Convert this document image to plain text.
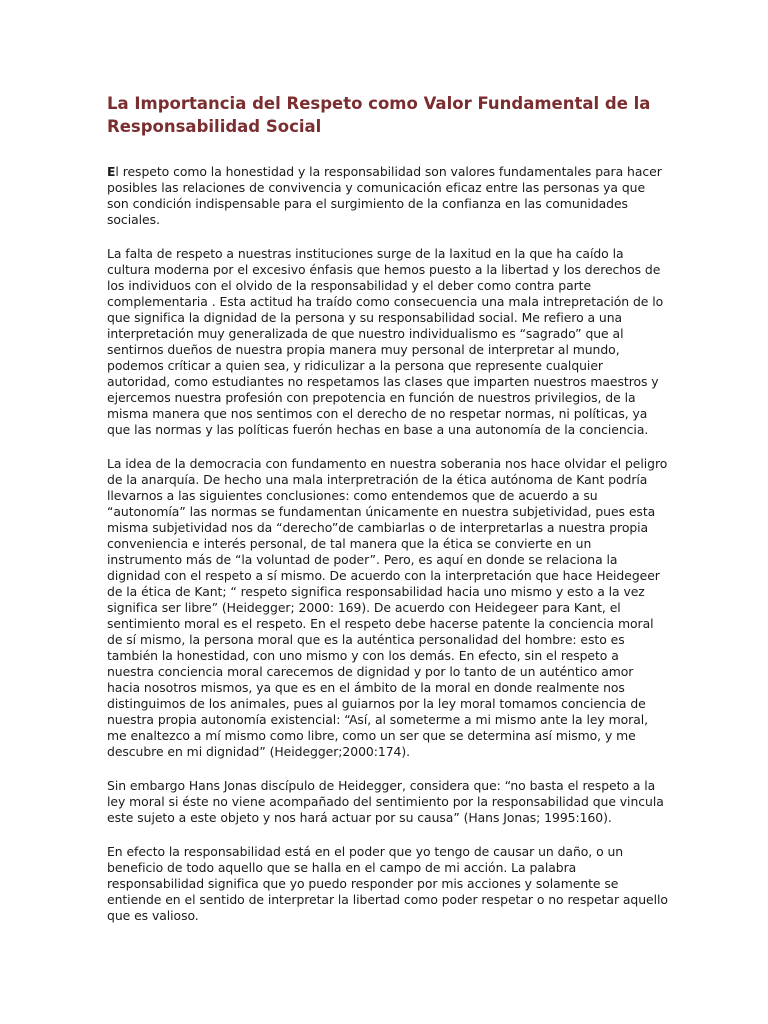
La Importancia del Respeto como Valor Fundamental de la Responsabilidad Social

El respeto como la honestidad y la responsabilidad son valores fundamentales para hacer posibles las relaciones de convivencia y comunicación eficaz entre las personas ya que son condición indispensable para el surgimiento de la confianza en las comunidades sociales.

La falta de respeto a nuestras instituciones surge de la laxitud en la que ha caído la cultura moderna por el excesivo énfasis que hemos puesto a la libertad y los derechos de los individuos con el olvido de la responsabilidad y el deber como contra parte complementaria . Esta actitud ha traído como consecuencia una mala intrepretación de lo que significa la dignidad de la persona y su responsabilidad social. Me refiero a una interpretación muy generalizada de que nuestro individualismo es “sagrado” que al sentirnos dueños de nuestra propia manera muy personal de interpretar al mundo, podemos críticar a quien sea, y ridiculizar a la persona que represente cualquier autoridad, como estudiantes no respetamos las clases que imparten nuestros maestros y ejercemos nuestra profesión con prepotencia en función de nuestros privilegios, de la misma manera que nos sentimos con el derecho de no respetar normas, ni políticas, ya que las normas y las políticas fuerón hechas en base a una autonomía de la conciencia.

La idea de la democracia con fundamento en nuestra soberania nos hace olvidar el peligro de la anarquía. De hecho una mala interpretración de la ética autónoma de Kant podría llevarnos a las siguientes conclusiones: como entendemos que de acuerdo a su “autonomía” las normas se fundamentan únicamente en nuestra subjetividad, pues esta misma subjetividad nos da “derecho”de cambiarlas o de interpretarlas a nuestra propia conveniencia e interés personal, de tal manera que la ética se convierte en un instrumento más de “la voluntad de poder”. Pero, es aquí en donde se relaciona la dignidad con el respeto a sí mismo. De acuerdo con la interpretación que hace Heidegeer de la ética de Kant; “ respeto significa responsabilidad hacia uno mismo y esto a la vez significa ser libre” (Heidegger; 2000: 169). De acuerdo con Heidegeer para Kant, el sentimiento moral es el respeto. En el respeto debe hacerse patente la conciencia moral de sí mismo, la persona moral que es la auténtica personalidad del hombre: esto es también la honestidad, con uno mismo y con los demás. En efecto, sin el respeto a nuestra conciencia moral carecemos de dignidad y por lo tanto de un auténtico amor hacia nosotros mismos, ya que es en el ámbito de la moral en donde realmente nos distinguimos de los animales, pues al guiarnos por la ley moral tomamos conciencia de nuestra propia autonomía existencial: “Así, al someterme a mi mismo ante la ley moral, me enaltezco a mí mismo como libre, como un ser que se determina así mismo, y me descubre en mi dignidad” (Heidegger;2000:174).

Sin embargo Hans Jonas discípulo de Heidegger, considera que: “no basta el respeto a la ley moral si éste no viene acompañado del sentimiento por la responsabilidad que vincula este sujeto a este objeto y nos hará actuar por su causa” (Hans Jonas; 1995:160).

En efecto la responsabilidad está en el poder que yo tengo de causar un daño, o un beneficio de todo aquello que se halla en el campo de mi acción. La palabra responsabilidad significa que yo puedo responder por mis acciones y solamente se entiende en el sentido de interpretar la libertad como poder respetar o no respetar aquello que es valioso.
